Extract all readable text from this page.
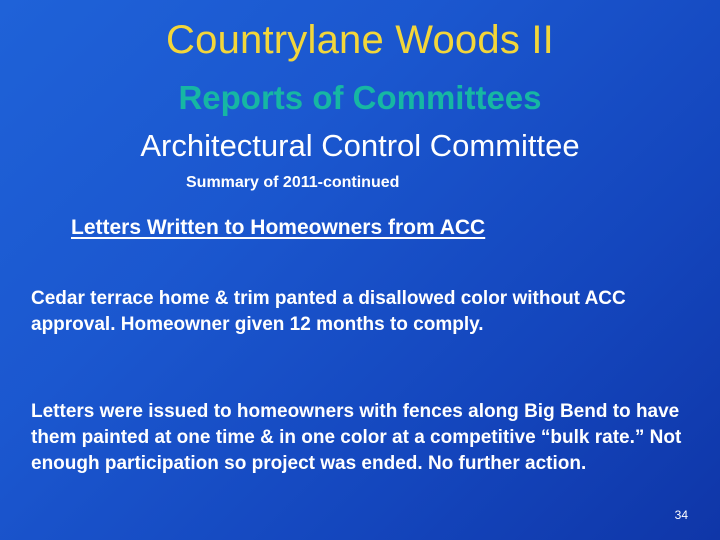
Countrylane Woods II
Reports of Committees
Architectural Control Committee
Summary of 2011-continued
Letters Written to Homeowners from ACC
Cedar terrace home & trim panted a disallowed color without ACC approval. Homeowner given 12 months to comply.
Letters were issued to homeowners with fences along Big Bend to have them painted at one time & in one color at a competitive “bulk rate.” Not enough participation so project was ended. No further action.
34
